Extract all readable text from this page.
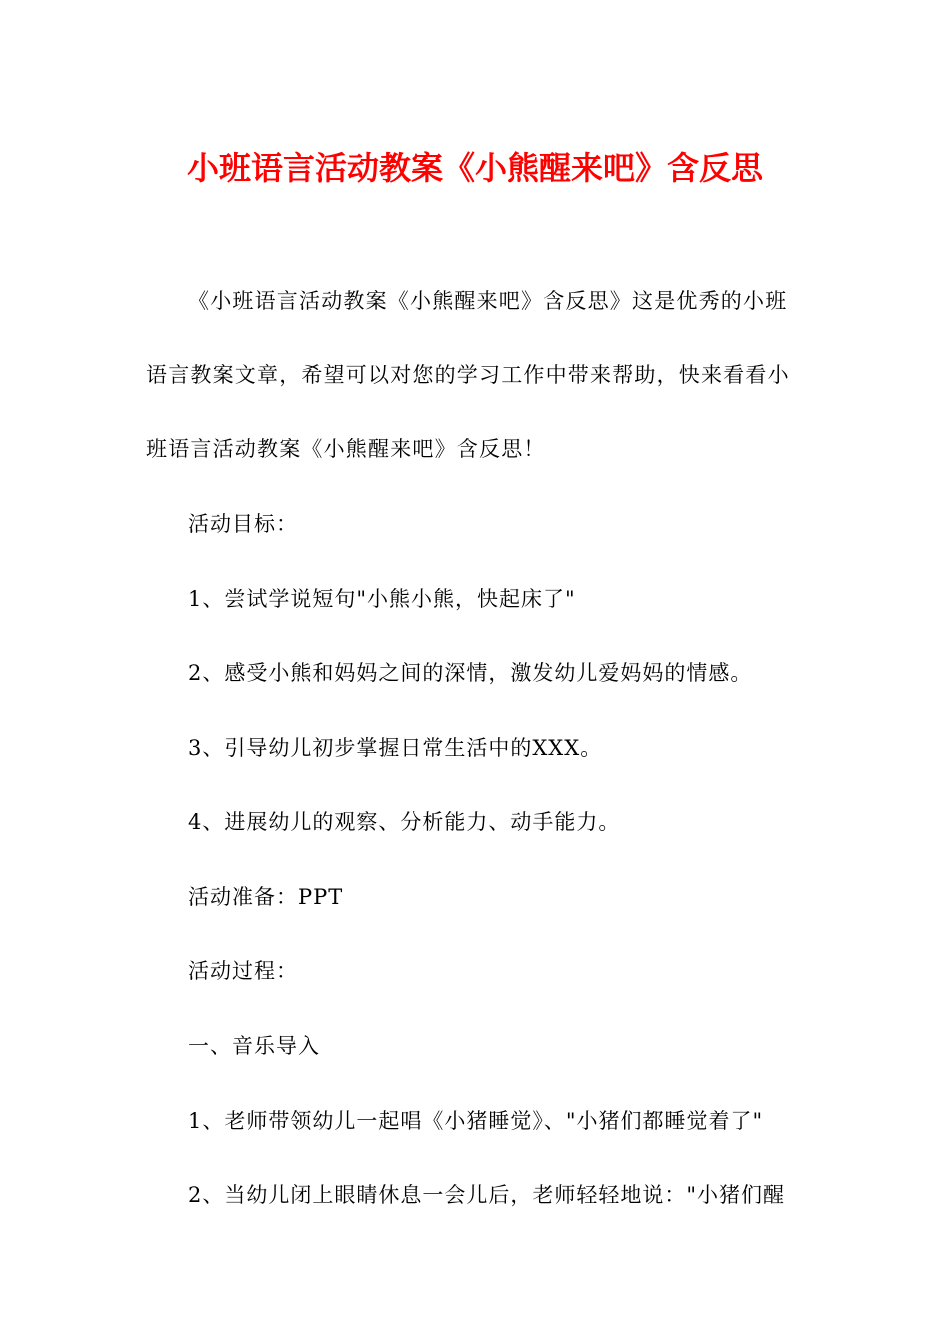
小班语言活动教案《小熊醒来吧》含反思

《小班语言活动教案《小熊醒来吧》含反思》这是优秀的小班语言教案文章，希望可以对您的学习工作中带来帮助，快来看看小班语言活动教案《小熊醒来吧》含反思！

活动目标：

1、尝试学说短句"小熊小熊，快起床了"

2、感受小熊和妈妈之间的深情，激发幼儿爱妈妈的情感。

3、引导幼儿初步掌握日常生活中的XXX。

4、进展幼儿的观察、分析能力、动手能力。

活动准备：PPT

活动过程：

一、音乐导入

1、老师带领幼儿一起唱《小猪睡觉》、"小猪们都睡觉着了"

2、当幼儿闭上眼睛休息一会儿后，老师轻轻地说："小猪们醒
